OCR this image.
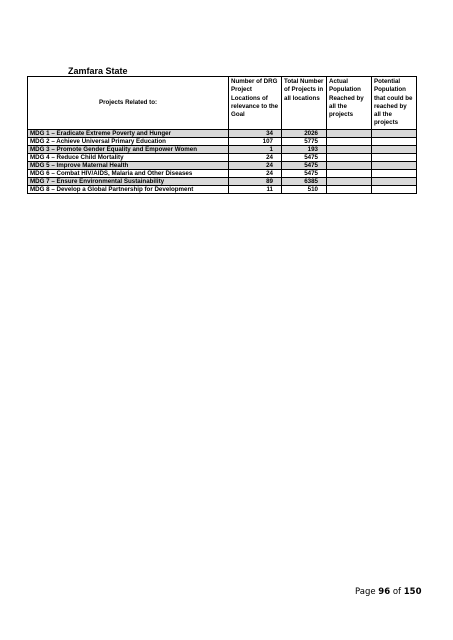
Zamfara State
Projects Related to:	Number of DRG Project Locations of relevance to the Goal	Total Number of Projects in all locations	Actual Population Reached by all the projects	Potential Population that could be reached by all the projects
MDG 1 – Eradicate Extreme Poverty and Hunger	34	2026		
MDG 2 – Achieve Universal Primary Education	107	5775		
MDG 3 – Promote Gender Equality and Empower Women	1	193		
MDG 4 – Reduce Child Mortality	24	5475		
MDG 5 – Improve Maternal Health	24	5475		
MDG 6 – Combat HIV/AIDS, Malaria and Other Diseases	24	5475		
MDG 7 – Ensure Environmental Sustainability	89	6385		
MDG 8 – Develop a Global Partnership for Development	11	510		
Page 96 of 150
